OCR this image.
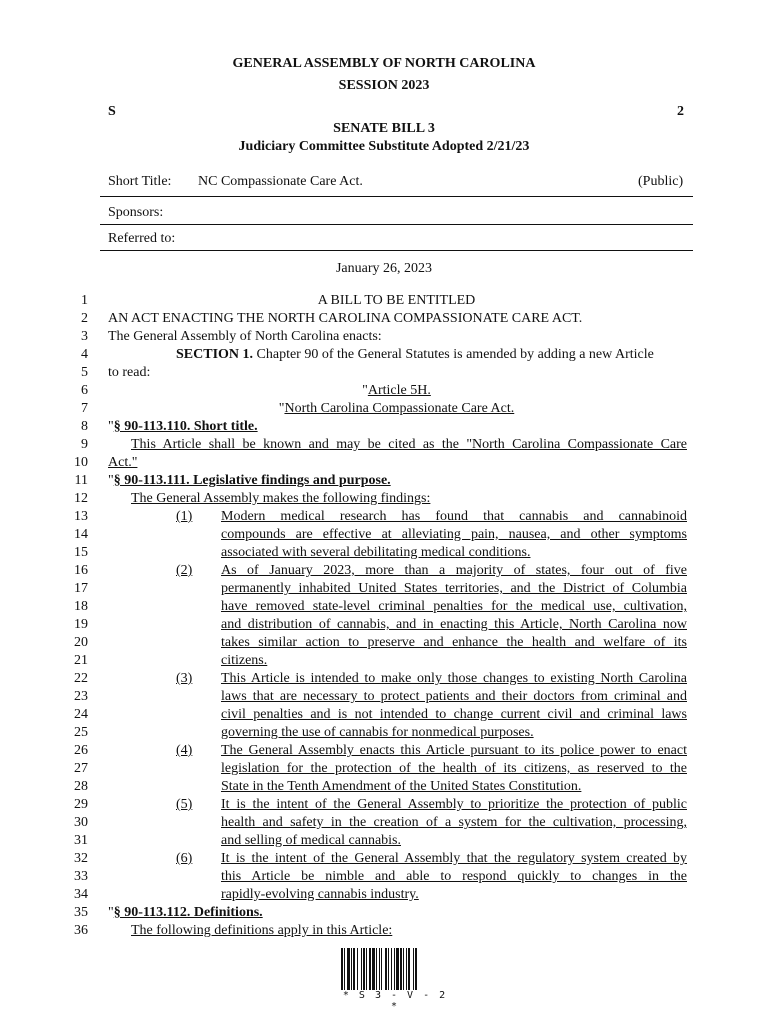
GENERAL ASSEMBLY OF NORTH CAROLINA
SESSION 2023
S	2
SENATE BILL 3
Judiciary Committee Substitute Adopted 2/21/23
Short Title: NC Compassionate Care Act.	(Public)
Sponsors:
Referred to:
January 26, 2023
1
2
3
4
5
6
7
8
9
10
11
12
13
14
15
16
17
18
19
20
21
22
23
24
25
26
27
28
29
30
31
32
33
34
35
36
A BILL TO BE ENTITLED
AN ACT ENACTING THE NORTH CAROLINA COMPASSIONATE CARE ACT.
The General Assembly of North Carolina enacts:
SECTION 1. Chapter 90 of the General Statutes is amended by adding a new Article
to read:
"Article 5H.
"North Carolina Compassionate Care Act.
"§ 90-113.110. Short title.
This Article shall be known and may be cited as the "North Carolina Compassionate Care
Act."
"§ 90-113.111. Legislative findings and purpose.
The General Assembly makes the following findings:
(1) Modern medical research has found that cannabis and cannabinoid
compounds are effective at alleviating pain, nausea, and other symptoms
associated with several debilitating medical conditions.
(2) As of January 2023, more than a majority of states, four out of five
permanently inhabited United States territories, and the District of Columbia
have removed state-level criminal penalties for the medical use, cultivation,
and distribution of cannabis, and in enacting this Article, North Carolina now
takes similar action to preserve and enhance the health and welfare of its
citizens.
(3) This Article is intended to make only those changes to existing North Carolina
laws that are necessary to protect patients and their doctors from criminal and
civil penalties and is not intended to change current civil and criminal laws
governing the use of cannabis for nonmedical purposes.
(4) The General Assembly enacts this Article pursuant to its police power to enact
legislation for the protection of the health of its citizens, as reserved to the
State in the Tenth Amendment of the United States Constitution.
(5) It is the intent of the General Assembly to prioritize the protection of public
health and safety in the creation of a system for the cultivation, processing,
and selling of medical cannabis.
(6) It is the intent of the General Assembly that the regulatory system created by
this Article be nimble and able to respond quickly to changes in the
rapidly-evolving cannabis industry.
"§ 90-113.112. Definitions.
The following definitions apply in this Article:
* S 3 - V - 2 *
